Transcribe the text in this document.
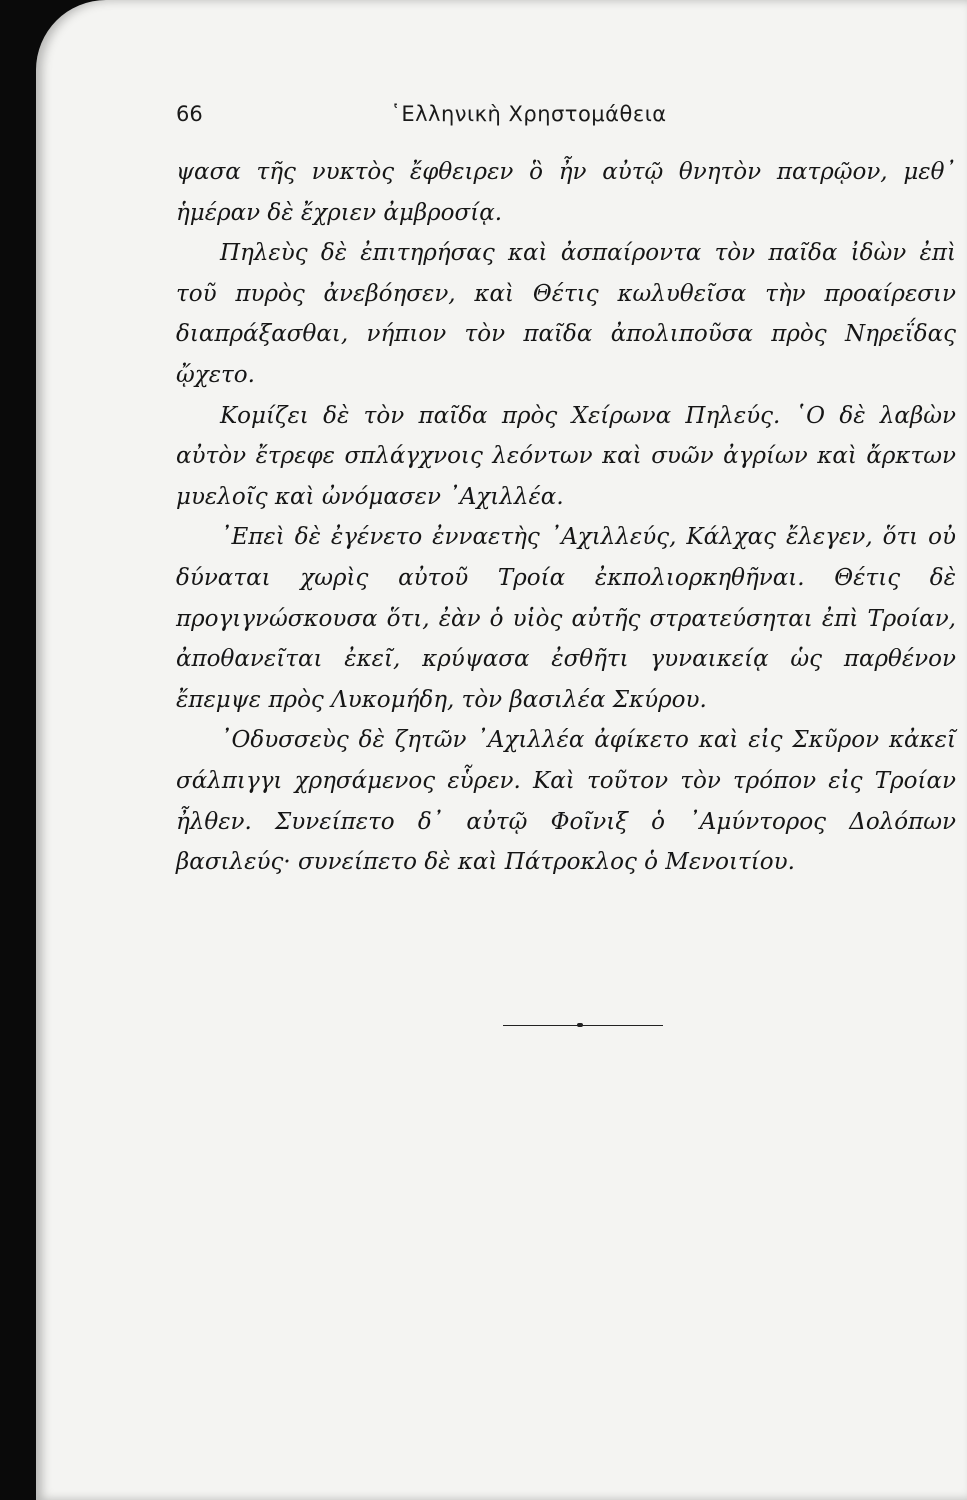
66	῾Ελληνικὴ Χρηστομάθεια

ψασα τῆς νυκτὸς ἔφθειρεν ὃ ἦν αὐτῷ θνητὸν πατρῷον, μεθ᾽ ἡμέραν δὲ ἔχριεν ἀμβροσίᾳ.

Πηλεὺς δὲ ἐπιτηρήσας καὶ ἀσπαίροντα τὸν παῖδα ἰδὼν ἐπὶ τοῦ πυρὸς ἀνεβόησεν, καὶ Θέτις κωλυθεῖσα τὴν προαίρεσιν διαπράξασθαι, νήπιον τὸν παῖδα ἀπολιποῦσα πρὸς Νηρεΐδας ᾤχετο.

Κομίζει δὲ τὸν παῖδα πρὸς Χείρωνα Πηλεύς. ῾Ο δὲ λαβὼν αὐτὸν ἔτρεφε σπλάγχνοις λεόντων καὶ συῶν ἀγρίων καὶ ἄρκτων μυελοῖς καὶ ὠνόμασεν ᾿Αχιλλέα.

᾿Επεὶ δὲ ἐγένετο ἐνναετὴς ᾿Αχιλλεύς, Κάλχας ἔλεγεν, ὅτι οὐ δύναται χωρὶς αὐτοῦ Τροία ἐκπολιορκηθῆναι. Θέτις δὲ προγιγνώσκουσα ὅτι, ἐὰν ὁ υἱὸς αὐτῆς στρατεύσηται ἐπὶ Τροίαν, ἀποθανεῖται ἐκεῖ, κρύψασα ἐσθῆτι γυναικείᾳ ὡς παρθένον ἔπεμψε πρὸς Λυκομήδη, τὸν βασιλέα Σκύρου.

᾿Οδυσσεὺς δὲ ζητῶν ᾿Αχιλλέα ἀφίκετο καὶ εἰς Σκῦρον κἀκεῖ σάλπιγγι χρησάμενος εὗρεν. Καὶ τοῦτον τὸν τρόπον εἰς Τροίαν ἦλθεν. Συνείπετο δ᾽ αὐτῷ Φοῖνιξ ὁ ᾿Αμύντορος Δολόπων βασιλεύς· συνείπετο δὲ καὶ Πάτροκλος ὁ Μενοιτίου.
